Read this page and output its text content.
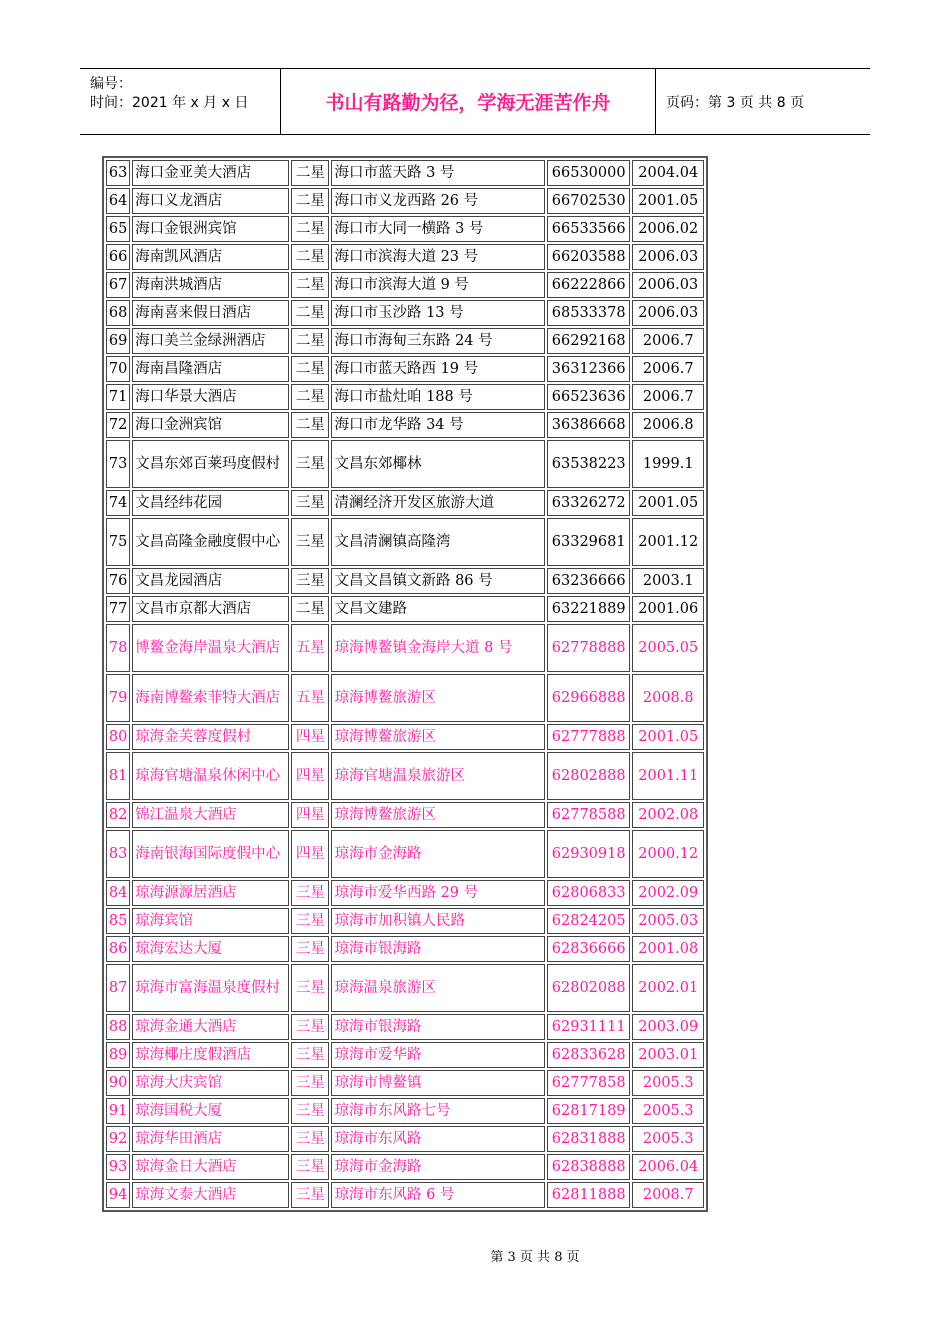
编号：
时间：2021 年 x 月 x 日	书山有路勤为径，学海无涯苦作舟	页码：第 3 页 共 8 页
63	海口金亚美大酒店	二星	海口市蓝天路 3 号	66530000	2004.04
64	海口义龙酒店	二星	海口市义龙西路 26 号	66702530	2001.05
65	海口金银洲宾馆	二星	海口市大同一横路 3 号	66533566	2006.02
66	海南凯风酒店	二星	海口市滨海大道 23 号	66203588	2006.03
67	海南洪城酒店	二星	海口市滨海大道 9 号	66222866	2006.03
68	海南喜来假日酒店	二星	海口市玉沙路 13 号	68533378	2006.03
69	海口美兰金绿洲酒店	二星	海口市海甸三东路 24 号	66292168	2006.7
70	海南昌隆酒店	二星	海口市蓝天路西 19 号	36312366	2006.7
71	海口华景大酒店	二星	海口市盐灶咱 188 号	66523636	2006.7
72	海口金洲宾馆	二星	海口市龙华路 34 号	36386668	2006.8
73	文昌东郊百莱玛度假村	三星	文昌东郊椰林	63538223	1999.1
74	文昌经纬花园	三星	清澜经济开发区旅游大道	63326272	2001.05
75	文昌高隆金融度假中心	三星	文昌清澜镇高隆湾	63329681	2001.12
76	文昌龙园酒店	三星	文昌文昌镇文新路 86 号	63236666	2003.1
77	文昌市京都大酒店	二星	文昌文建路	63221889	2001.06
78	博鳌金海岸温泉大酒店	五星	琼海博鳌镇金海岸大道 8 号	62778888	2005.05
79	海南博鳌索菲特大酒店	五星	琼海博鳌旅游区	62966888	2008.8
80	琼海金芙蓉度假村	四星	琼海博鳌旅游区	62777888	2001.05
81	琼海官塘温泉休闲中心	四星	琼海官塘温泉旅游区	62802888	2001.11
82	锦江温泉大酒店	四星	琼海博鳌旅游区	62778588	2002.08
83	海南银海国际度假中心	四星	琼海市金海路	62930918	2000.12
84	琼海源源居酒店	三星	琼海市爱华西路 29 号	62806833	2002.09
85	琼海宾馆	三星	琼海市加积镇人民路	62824205	2005.03
86	琼海宏达大厦	三星	琼海市银海路	62836666	2001.08
87	琼海市富海温泉度假村	三星	琼海温泉旅游区	62802088	2002.01
88	琼海金通大酒店	三星	琼海市银海路	62931111	2003.09
89	琼海椰庄度假酒店	三星	琼海市爱华路	62833628	2003.01
90	琼海大庆宾馆	三星	琼海市博鳌镇	62777858	2005.3
91	琼海国税大厦	三星	琼海市东风路七号	62817189	2005.3
92	琼海华田酒店	三星	琼海市东风路	62831888	2005.3
93	琼海金日大酒店	三星	琼海市金海路	62838888	2006.04
94	琼海文泰大酒店	三星	琼海市东风路 6 号	62811888	2008.7
第 3 页 共 8 页
